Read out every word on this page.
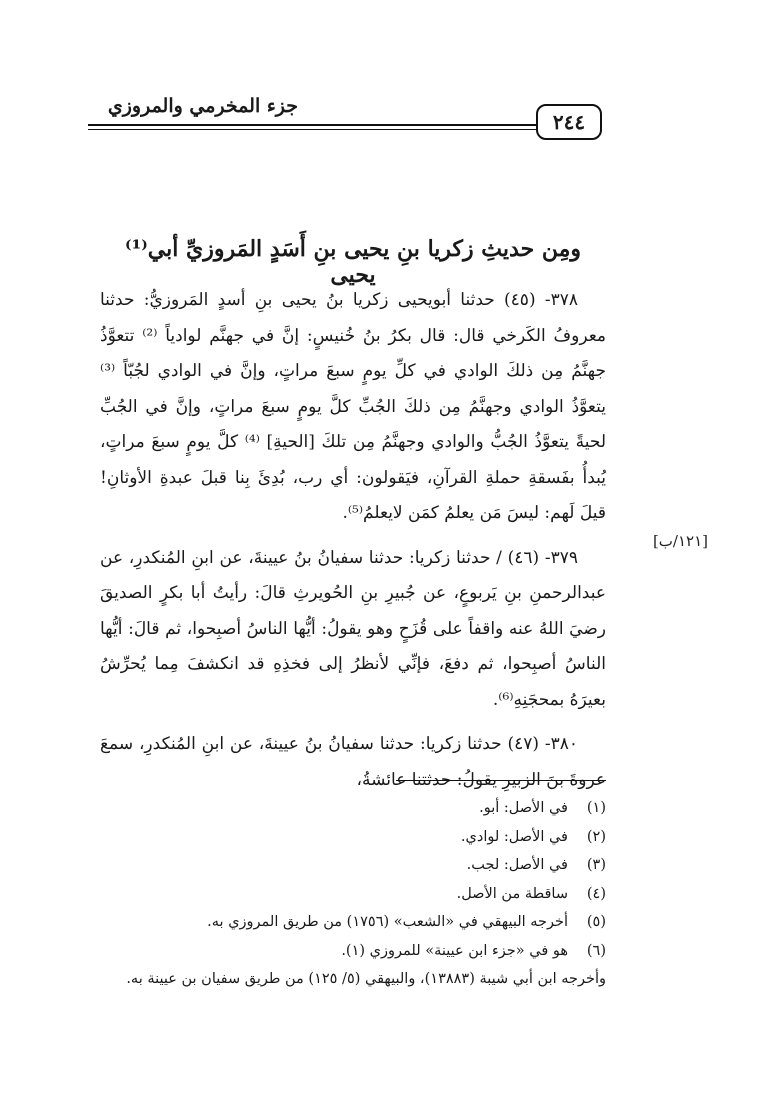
جزء المخرمي والمروزي
٢٤٤
ومِن حديثِ زكريا بنِ يحيى بنِ أَسَدٍ المَروزيِّ أبي⁽¹⁾ يحيى

٣٧٨- (٤٥) حدثنا أبويحيى زكريا بنُ يحيى بنِ أسدٍ المَروزيُّ: حدثنا معروفُ الكَرخي قال: قال بكرُ بنُ خُنيسٍ: إنَّ في جهنَّم لوادياً ⁽²⁾ تتعوَّذُ جهنَّمُ مِن ذلكَ الوادي في كلِّ يومٍ سبعَ مراتٍ، وإنَّ في الوادي لجُبّاً ⁽³⁾ يتعوَّذُ الوادي وجهنَّمُ مِن ذلكَ الجُبِّ كلَّ يومٍ سبعَ مراتٍ، وإنَّ في الجُبِّ لحيةً يتعوَّذُ الجُبُّ والوادي وجهنَّمُ مِن تلكَ [الحيةِ] ⁽⁴⁾ كلَّ يومٍ سبعَ مراتٍ، يُبدأُ بفَسقةِ حملةِ القرآنِ، فيَقولون: أي رب، بُدِئَ بِنا قبلَ عبدةِ الأوثانِ! قيلَ لَهم: ليسَ مَن يعلمُ كمَن لايعلمُ⁽⁵⁾.

٣٧٩- (٤٦) / حدثنا زكريا: حدثنا سفيانُ بنُ عيينةَ، عن ابنِ المُنكدرِ، عن عبدالرحمنِ بنِ يَربوعٍ، عن جُبيرِ بنِ الحُويرثِ قالَ: رأيتُ أبا بكرٍ الصديقَ رضيَ اللهُ عنه واقفاً على قُزَحٍ وهو يقولُ: أيُّها الناسُ أصبِحوا، ثم قالَ: أيُّها الناسُ أصبِحوا، ثم دفعَ، فإنِّي لأنظرُ إلى فخذِهِ قد انكشفَ مِما يُحرِّشُ بعيرَهُ بمحجَنِهِ⁽⁶⁾.

٣٨٠- (٤٧) حدثنا زكريا: حدثنا سفيانُ بنُ عيينةَ، عن ابنِ المُنكدرِ، سمعَ عروةَ بنَ الزبيرِ يقولُ: حدثتنا عائشةُ،

[١٢١/ب]
(١)
في الأصل: أبو.
(٢)
في الأصل: لوادي.
(٣)
في الأصل: لجب.
(٤)
ساقطة من الأصل.
(٥)
أخرجه البيهقي في «الشعب» (١٧٥٦) من طريق المروزي به.
(٦)
هو في «جزء ابن عيينة» للمروزي (١).
وأخرجه ابن أبي شيبة (١٣٨٨٣)، والبيهقي (٥/ ١٢٥) من طريق سفيان بن عيينة به.
